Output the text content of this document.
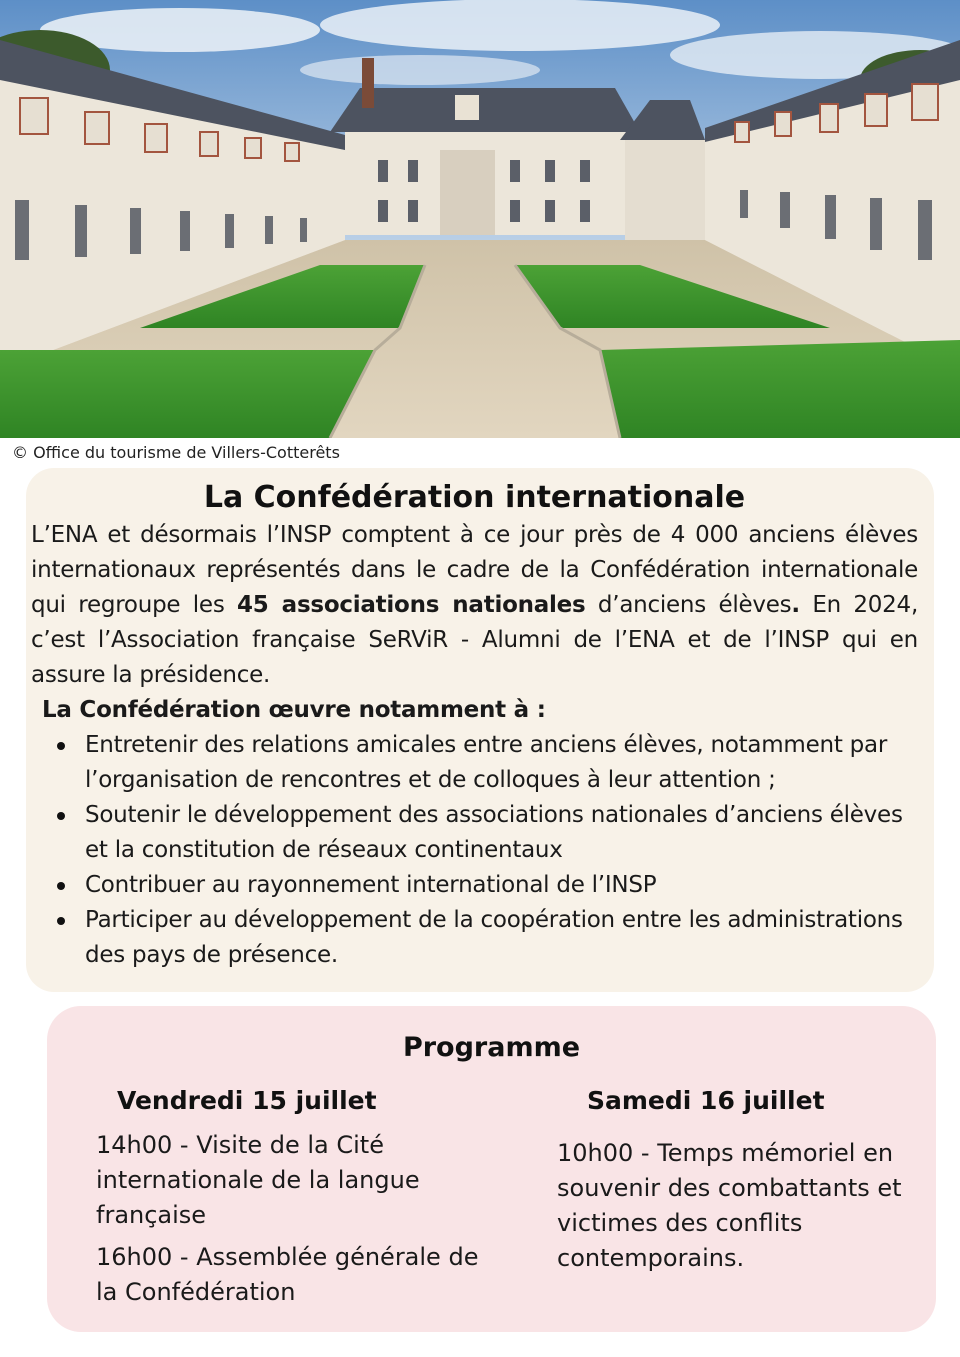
© Office du tourisme de Villers-Cotterêts
La Confédération internationale

L’ENA et désormais l’INSP comptent à ce jour près de 4 000 anciens élèves internationaux représentés dans le cadre de la Confédération internationale qui regroupe les 45 associations nationales d’anciens élèves. En 2024, c’est l’Association française SeRViR - Alumni de l’ENA et de l’INSP qui en assure la présidence.

La Confédération œuvre notamment à :

Entretenir des relations amicales entre anciens élèves, notamment par l’organisation de rencontres et de colloques à leur attention ;
Soutenir le développement des associations nationales d’anciens élèves et la constitution de réseaux continentaux
Contribuer au rayonnement international de l’INSP
Participer au développement de la coopération entre les administrations des pays de présence.
Programme
Vendredi 15 juillet
14h00 - Visite de la Cité internationale de la langue française
16h00 - Assemblée générale de la Confédération
Samedi 16 juillet
10h00 - Temps mémoriel en souvenir des combattants et victimes des conflits contemporains.
